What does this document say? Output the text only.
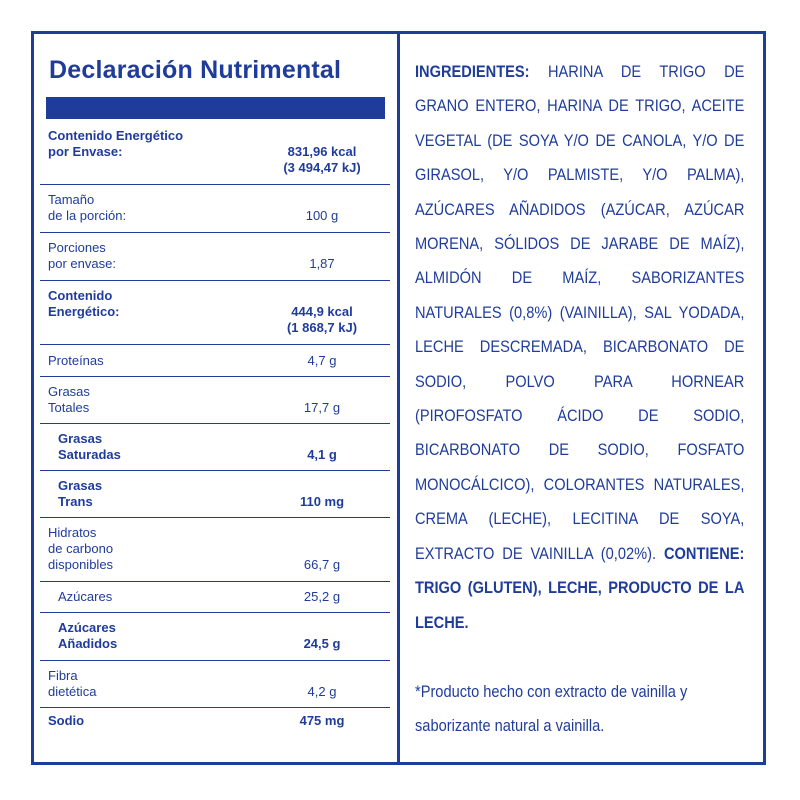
Declaración Nutrimental
Contenido Energético
por Envase:	831,96 kcal
(3 494,47 kJ)
Tamaño
de la porción:	100 g
Porciones
por envase:	1,87
Contenido
Energético:	444,9 kcal
(1 868,7 kJ)
Proteínas	4,7 g
Grasas
Totales	17,7 g
Grasas
Saturadas	4,1 g
Grasas
Trans	110 mg
Hidratos
de carbono
disponibles	66,7 g
Azúcares	25,2 g
Azúcares
Añadidos	24,5 g
Fibra
dietética	4,2 g
Sodio	475 mg
INGREDIENTES: HARINA DE TRIGO DE GRANO ENTERO, HARINA DE TRIGO, ACEITE VEGETAL (DE SOYA Y/O DE CANOLA, Y/O DE GIRASOL, Y/O PALMISTE, Y/O PALMA), AZÚCARES AÑADIDOS (AZÚCAR, AZÚCAR MORENA, SÓLIDOS DE JARABE DE MAÍZ), ALMIDÓN DE MAÍZ, SABORIZANTES NATURALES (0,8%) (VAINILLA), SAL YODADA, LECHE DESCREMADA, BICARBONATO DE SODIO, POLVO PARA HORNEAR (PIROFOSFATO ÁCIDO DE SODIO, BICARBONATO DE SODIO, FOSFATO MONOCÁLCICO), COLORANTES NATURALES, CREMA (LECHE), LECITINA DE SOYA, EXTRACTO DE VAINILLA (0,02%). CONTIENE: TRIGO (GLUTEN), LECHE, PRODUCTO DE LA LECHE.
*Producto hecho con extracto de vainilla y saborizante natural a vainilla.
